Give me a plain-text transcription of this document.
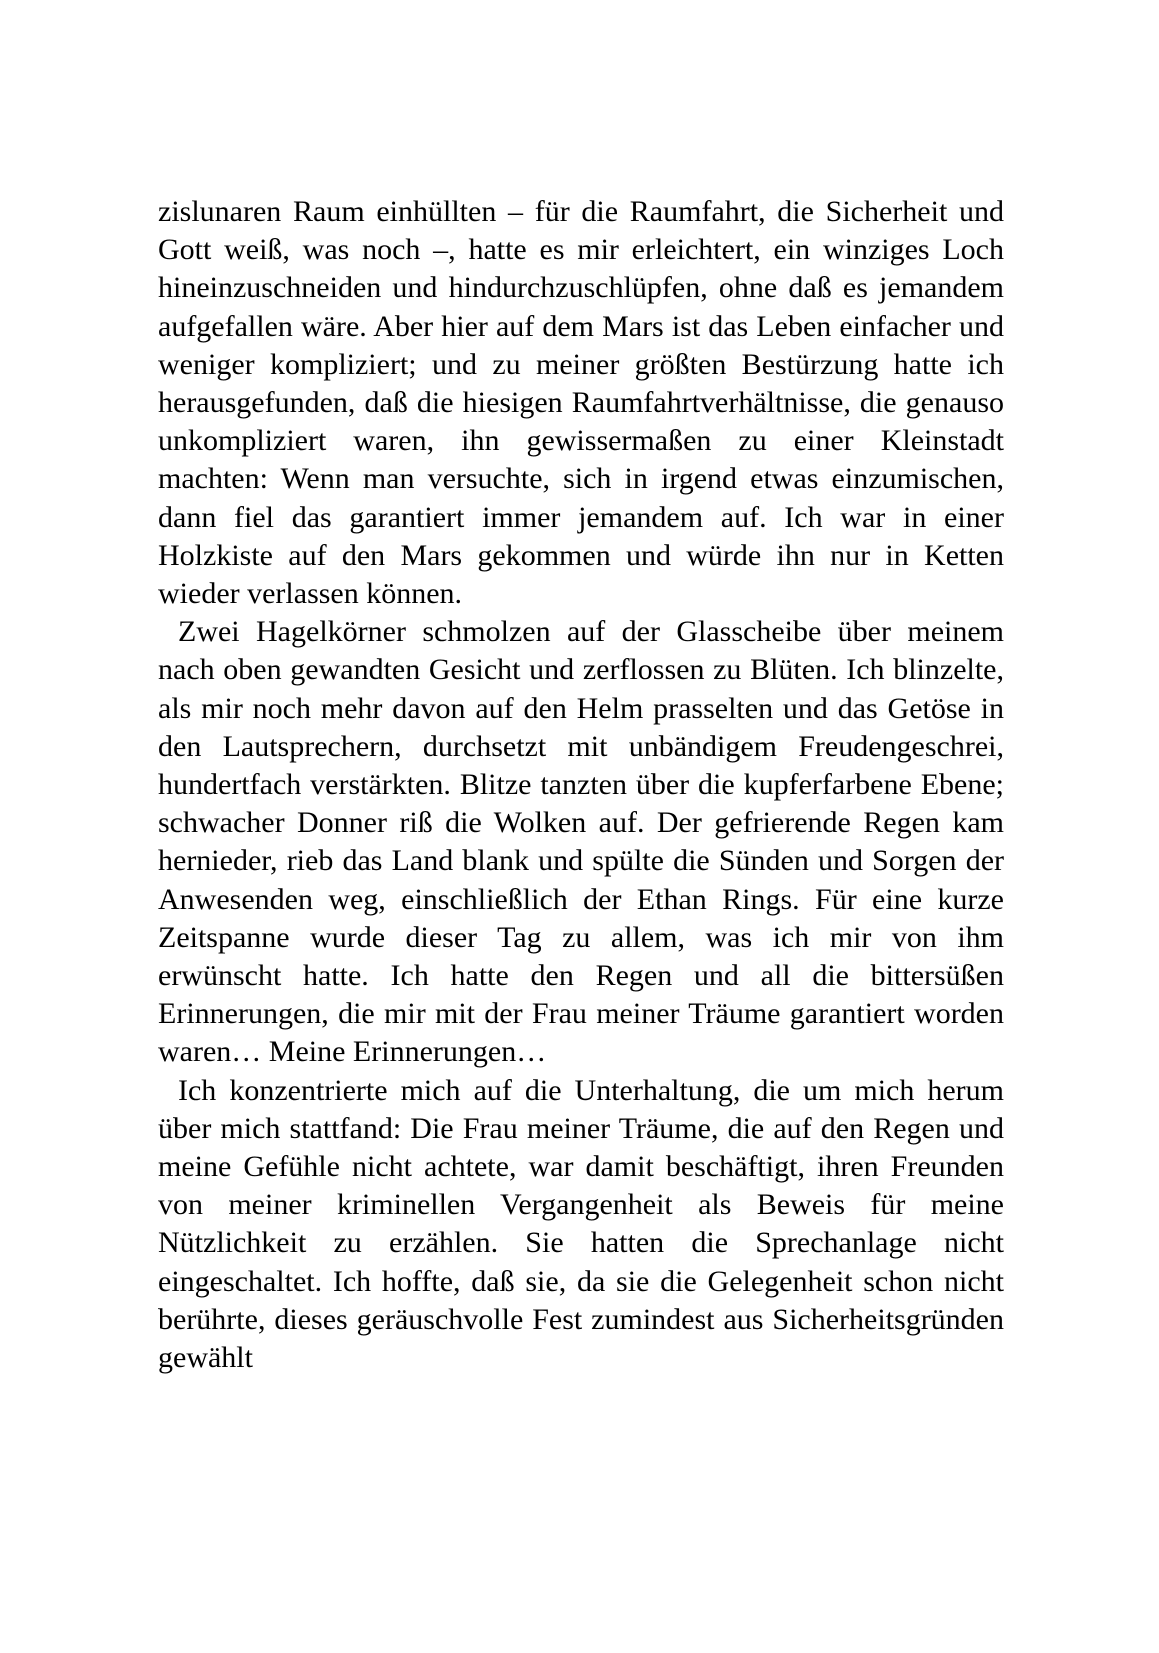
zislunaren Raum einhüllten – für die Raumfahrt, die Sicherheit und Gott weiß, was noch –, hatte es mir erleichtert, ein winziges Loch hineinzuschneiden und hindurchzuschlüpfen, ohne daß es jemandem aufgefallen wäre. Aber hier auf dem Mars ist das Leben einfacher und weniger kompliziert; und zu meiner größten Bestürzung hatte ich herausgefunden, daß die hiesigen Raumfahrtverhältnisse, die genauso unkompliziert waren, ihn gewissermaßen zu einer Kleinstadt machten: Wenn man versuchte, sich in irgend etwas einzumischen, dann fiel das garantiert immer jemandem auf. Ich war in einer Holzkiste auf den Mars gekommen und würde ihn nur in Ketten wieder verlassen können.

Zwei Hagelkörner schmolzen auf der Glasscheibe über meinem nach oben gewandten Gesicht und zerflossen zu Blüten. Ich blinzelte, als mir noch mehr davon auf den Helm prasselten und das Getöse in den Lautsprechern, durchsetzt mit unbändigem Freudengeschrei, hundertfach verstärkten. Blitze tanzten über die kupferfarbene Ebene; schwacher Donner riß die Wolken auf. Der gefrierende Regen kam hernieder, rieb das Land blank und spülte die Sünden und Sorgen der Anwesenden weg, einschließlich der Ethan Rings. Für eine kurze Zeitspanne wurde dieser Tag zu allem, was ich mir von ihm erwünscht hatte. Ich hatte den Regen und all die bittersüßen Erinnerungen, die mir mit der Frau meiner Träume garantiert worden waren… Meine Erinnerungen…

Ich konzentrierte mich auf die Unterhaltung, die um mich herum über mich stattfand: Die Frau meiner Träume, die auf den Regen und meine Gefühle nicht achtete, war damit beschäftigt, ihren Freunden von meiner kriminellen Vergangenheit als Beweis für meine Nützlichkeit zu erzählen. Sie hatten die Sprechanlage nicht eingeschaltet. Ich hoffte, daß sie, da sie die Gelegenheit schon nicht berührte, dieses geräuschvolle Fest zumindest aus Sicherheitsgründen gewählt
